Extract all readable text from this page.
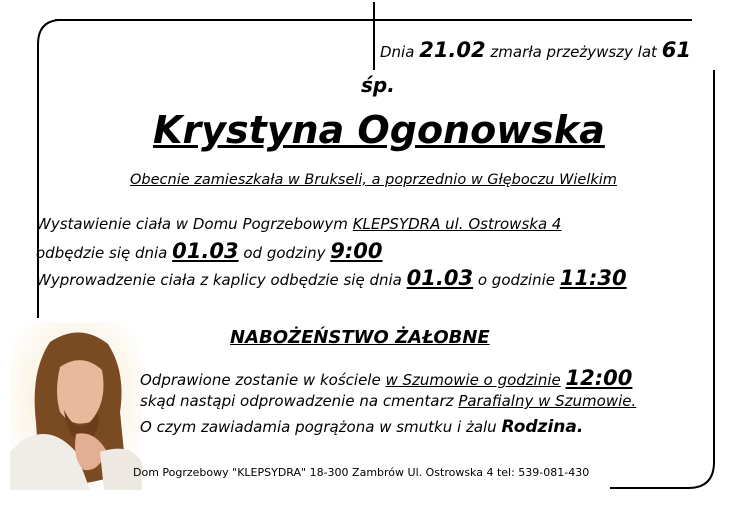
Dnia 21.02 zmarła przeżywszy lat 61
śp.
Krystyna Ogonowska
Obecnie zamieszkała w Brukseli, a poprzednio w Głęboczu Wielkim
Wystawienie ciała w Domu Pogrzebowym KLEPSYDRA ul. Ostrowska 4
odbędzie się dnia 01.03 od godziny 9:00
Wyprowadzenie ciała z kaplicy odbędzie się dnia 01.03 o godzinie 11:30
NABOŻEŃSTWO ŻAŁOBNE
Odprawione zostanie w kościele w Szumowie o godzinie 12:00
skąd nastąpi odprowadzenie na cmentarz Parafialny w Szumowie.
O czym zawiadamia pogrążona w smutku i żalu Rodzina.
Dom Pogrzebowy "KLEPSYDRA" 18-300 Zambrów Ul. Ostrowska 4 tel: 539-081-430
